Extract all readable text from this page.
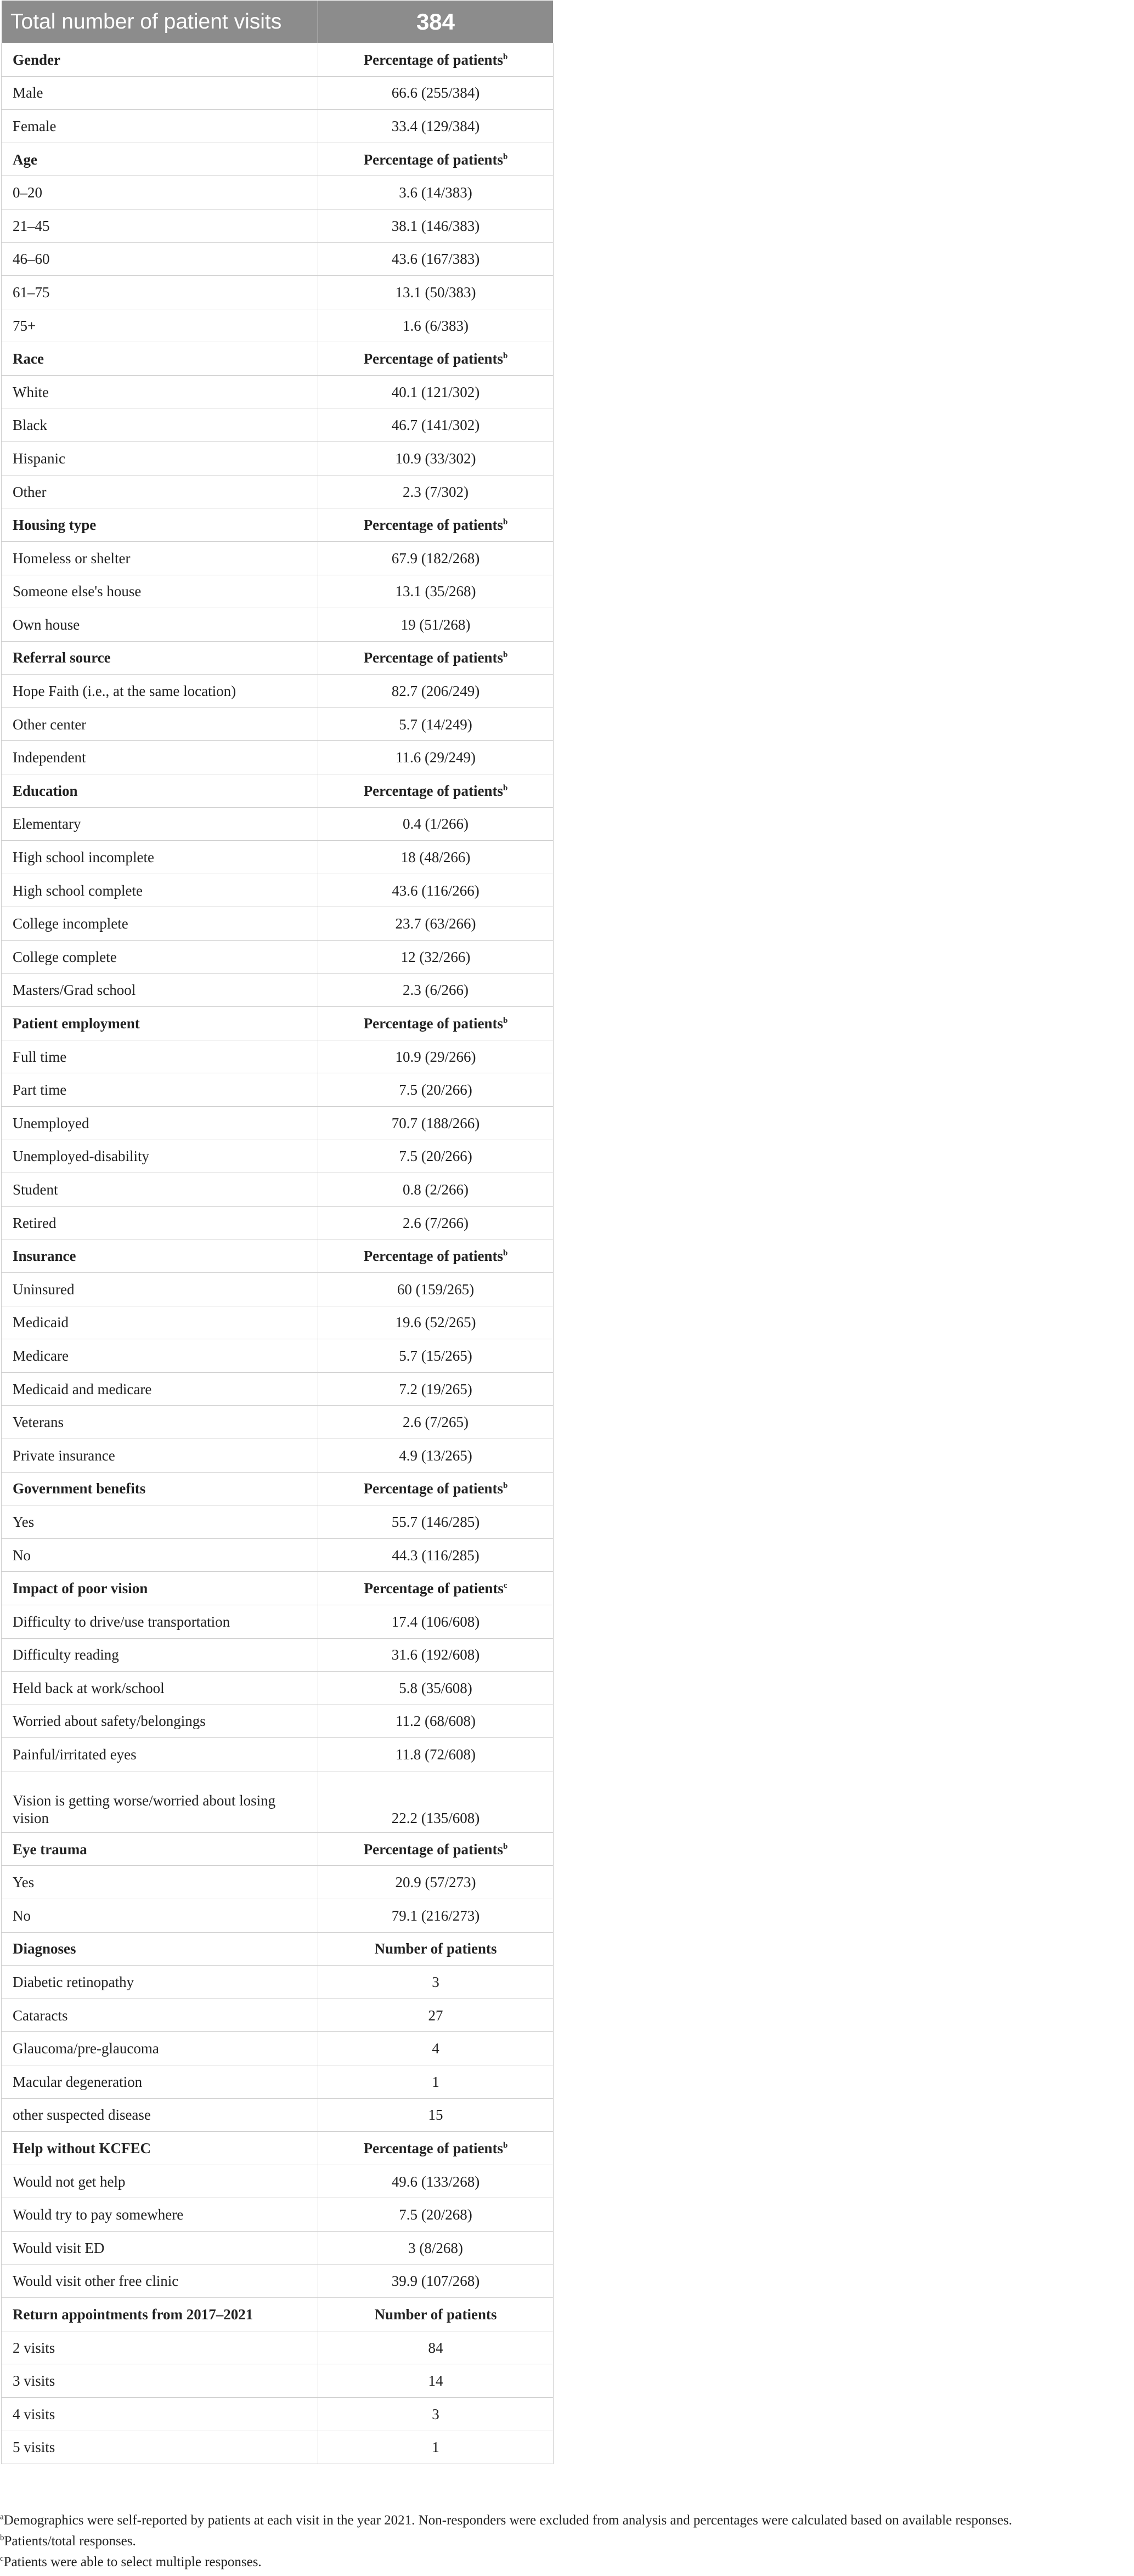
Total number of patient visits	384
Gender	Percentage of patients$^b$
Male	66.6 (255/384)
Female	33.4 (129/384)
Age	Percentage of patients$^b$
0–20	3.6 (14/383)
21–45	38.1 (146/383)
46–60	43.6 (167/383)
61–75	13.1 (50/383)
75+	1.6 (6/383)
Race	Percentage of patients$^b$
White	40.1 (121/302)
Black	46.7 (141/302)
Hispanic	10.9 (33/302)
Other	2.3 (7/302)
Housing type	Percentage of patients$^b$
Homeless or shelter	67.9 (182/268)
Someone else's house	13.1 (35/268)
Own house	19 (51/268)
Referral source	Percentage of patients$^b$
Hope Faith (i.e., at the same location)	82.7 (206/249)
Other center	5.7 (14/249)
Independent	11.6 (29/249)
Education	Percentage of patients$^b$
Elementary	0.4 (1/266)
High school incomplete	18 (48/266)
High school complete	43.6 (116/266)
College incomplete	23.7 (63/266)
College complete	12 (32/266)
Masters/Grad school	2.3 (6/266)
Patient employment	Percentage of patients$^b$
Full time	10.9 (29/266)
Part time	7.5 (20/266)
Unemployed	70.7 (188/266)
Unemployed-disability	7.5 (20/266)
Student	0.8 (2/266)
Retired	2.6 (7/266)
Insurance	Percentage of patients$^b$
Uninsured	60 (159/265)
Medicaid	19.6 (52/265)
Medicare	5.7 (15/265)
Medicaid and medicare	7.2 (19/265)
Veterans	2.6 (7/265)
Private insurance	4.9 (13/265)
Government benefits	Percentage of patients$^b$
Yes	55.7 (146/285)
No	44.3 (116/285)
Impact of poor vision	Percentage of patients$^c$
Difficulty to drive/use transportation	17.4 (106/608)
Difficulty reading	31.6 (192/608)
Held back at work/school	5.8 (35/608)
Worried about safety/belongings	11.2 (68/608)
Painful/irritated eyes	11.8 (72/608)
Vision is getting worse/worried about losing vision	22.2 (135/608)
Eye trauma	Percentage of patients$^b$
Yes	20.9 (57/273)
No	79.1 (216/273)
Diagnoses	Number of patients
Diabetic retinopathy	3
Cataracts	27
Glaucoma/pre-glaucoma	4
Macular degeneration	1
other suspected disease	15
Help without KCFEC	Percentage of patients$^b$
Would not get help	49.6 (133/268)
Would try to pay somewhere	7.5 (20/268)
Would visit ED	3 (8/268)
Would visit other free clinic	39.9 (107/268)
Return appointments from 2017–2021	Number of patients
2 visits	84
3 visits	14
4 visits	3
5 visits	1

$^a$Demographics were self-reported by patients at each visit in the year 2021. Non-responders were excluded from analysis and percentages were calculated based on available responses.

$^b$Patients/total responses.

$^c$Patients were able to select multiple responses.
